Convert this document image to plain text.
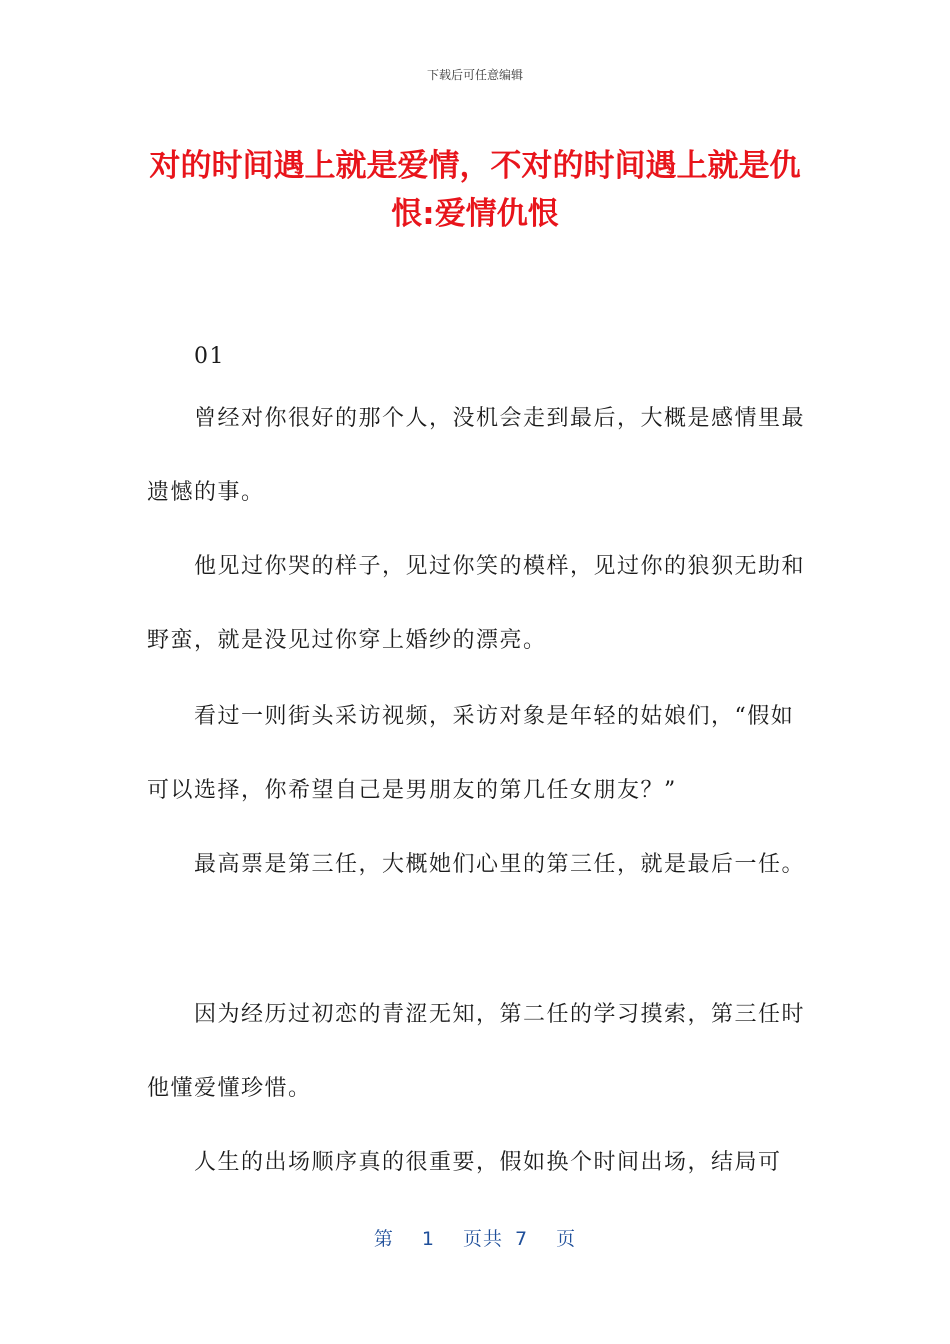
下载后可任意编辑
对的时间遇上就是爱情，不对的时间遇上就是仇恨:爱情仇恨

01

曾经对你很好的那个人，没机会走到最后，大概是感情里最遗憾的事。

他见过你哭的样子，见过你笑的模样，见过你的狼狈无助和野蛮，就是没见过你穿上婚纱的漂亮。

看过一则街头采访视频，采访对象是年轻的姑娘们，“假如可以选择，你希望自己是男朋友的第几任女朋友？”

最高票是第三任，大概她们心里的第三任，就是最后一任。

因为经历过初恋的青涩无知，第二任的学习摸索，第三任时他懂爱懂珍惜。

人生的出场顺序真的很重要，假如换个时间出场，结局可

第 1 页共 7 页
